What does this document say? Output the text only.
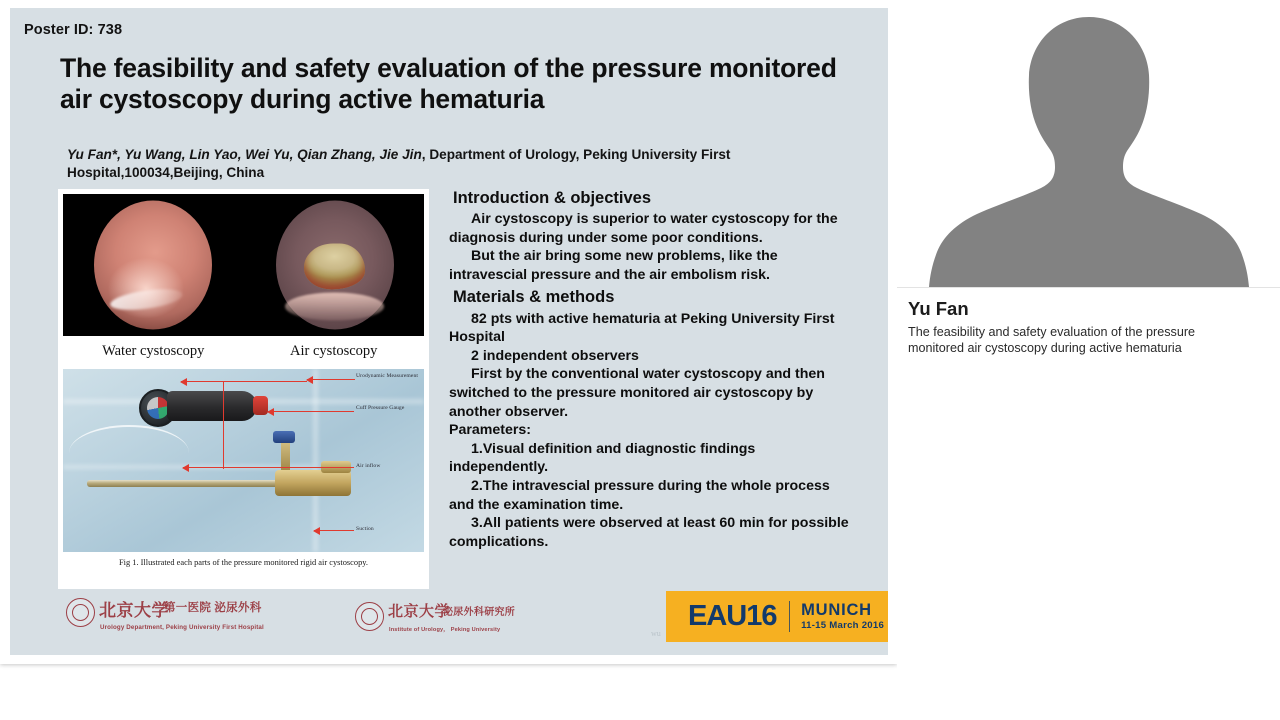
Poster ID: 738
The feasibility and safety evaluation of the pressure monitored air cystoscopy during active hematuria
Yu Fan*, Yu Wang, Lin Yao, Wei Yu, Qian Zhang, Jie Jin, Department of Urology, Peking University First Hospital,100034,Beijing, China
Water cystoscopy	Air cystoscopy
Urodynamic Measurement
Cuff Pressure Gauge
Air inflow
Suction
Fig 1. Illustrated each parts of the pressure monitored rigid air cystoscopy.
Introduction & objectives
Air cystoscopy is superior to water cystoscopy for the diagnosis during under some poor conditions.
But the air bring some new problems, like the intravescial pressure and the air embolism risk.
Materials & methods
82 pts with active hematuria at Peking University First Hospital
2 independent observers
First by the conventional water cystoscopy and then switched to the pressure monitored air cystoscopy by another observer.
Parameters:
1.Visual definition and diagnostic findings independently.
2.The intravescial pressure during the whole process and the examination time.
3.All patients were observed at least 60 min for possible complications.
北京大学
第一医院 泌尿外科
Urology Department, Peking University First Hospital
北京大学
泌尿外科研究所
Institute of Urology， Peking University	wu
EAU16 MUNICH
11-15 March 2016
Yu Fan
The feasibility and safety evaluation of the pressure monitored air cystoscopy during active hematuria
